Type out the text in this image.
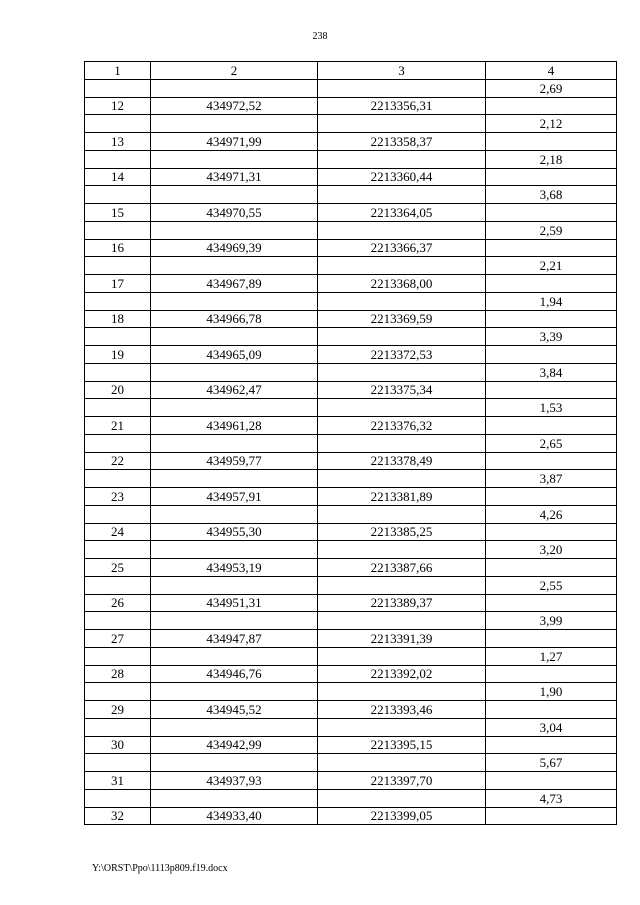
238
1	2	3	4
			2,69
12	434972,52	2213356,31	
			2,12
13	434971,99	2213358,37	
			2,18
14	434971,31	2213360,44	
			3,68
15	434970,55	2213364,05	
			2,59
16	434969,39	2213366,37	
			2,21
17	434967,89	2213368,00	
			1,94
18	434966,78	2213369,59	
			3,39
19	434965,09	2213372,53	
			3,84
20	434962,47	2213375,34	
			1,53
21	434961,28	2213376,32	
			2,65
22	434959,77	2213378,49	
			3,87
23	434957,91	2213381,89	
			4,26
24	434955,30	2213385,25	
			3,20
25	434953,19	2213387,66	
			2,55
26	434951,31	2213389,37	
			3,99
27	434947,87	2213391,39	
			1,27
28	434946,76	2213392,02	
			1,90
29	434945,52	2213393,46	
			3,04
30	434942,99	2213395,15	
			5,67
31	434937,93	2213397,70	
			4,73
32	434933,40	2213399,05	
Y:\ORST\Ppo\1113p809.f19.docx
